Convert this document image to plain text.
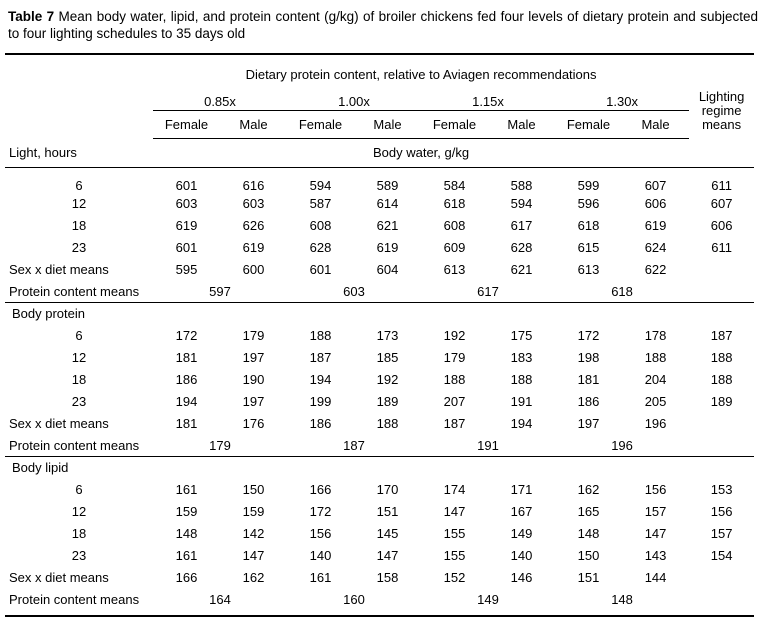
Table 7 Mean body water, lipid, and protein content (g/kg) of broiler chickens fed four levels of dietary protein and subjected to four lighting schedules to 35 days old
	Dietary protein content, relative to Aviagen recommendations								Lighting regime means
	0.85x		1.00x		1.15x		1.30x		
	Female	Male	Female	Male	Female	Male	Female	Male	
Light, hours	Body water, g/kg								
6	601	616	594	589	584	588	599	607	611
12	603	603	587	614	618	594	596	606	607
18	619	626	608	621	608	617	618	619	606
23	601	619	628	619	609	628	615	624	611
Sex x diet means	595	600	601	604	613	621	613	622	
Protein content means	597		603		617		618		
Body protein									
6	172	179	188	173	192	175	172	178	187
12	181	197	187	185	179	183	198	188	188
18	186	190	194	192	188	188	181	204	188
23	194	197	199	189	207	191	186	205	189
Sex x diet means	181	176	186	188	187	194	197	196	
Protein content means	179		187		191		196		
Body lipid									
6	161	150	166	170	174	171	162	156	153
12	159	159	172	151	147	167	165	157	156
18	148	142	156	145	155	149	148	147	157
23	161	147	140	147	155	140	150	143	154
Sex x diet means	166	162	161	158	152	146	151	144	
Protein content means	164		160		149		148		
